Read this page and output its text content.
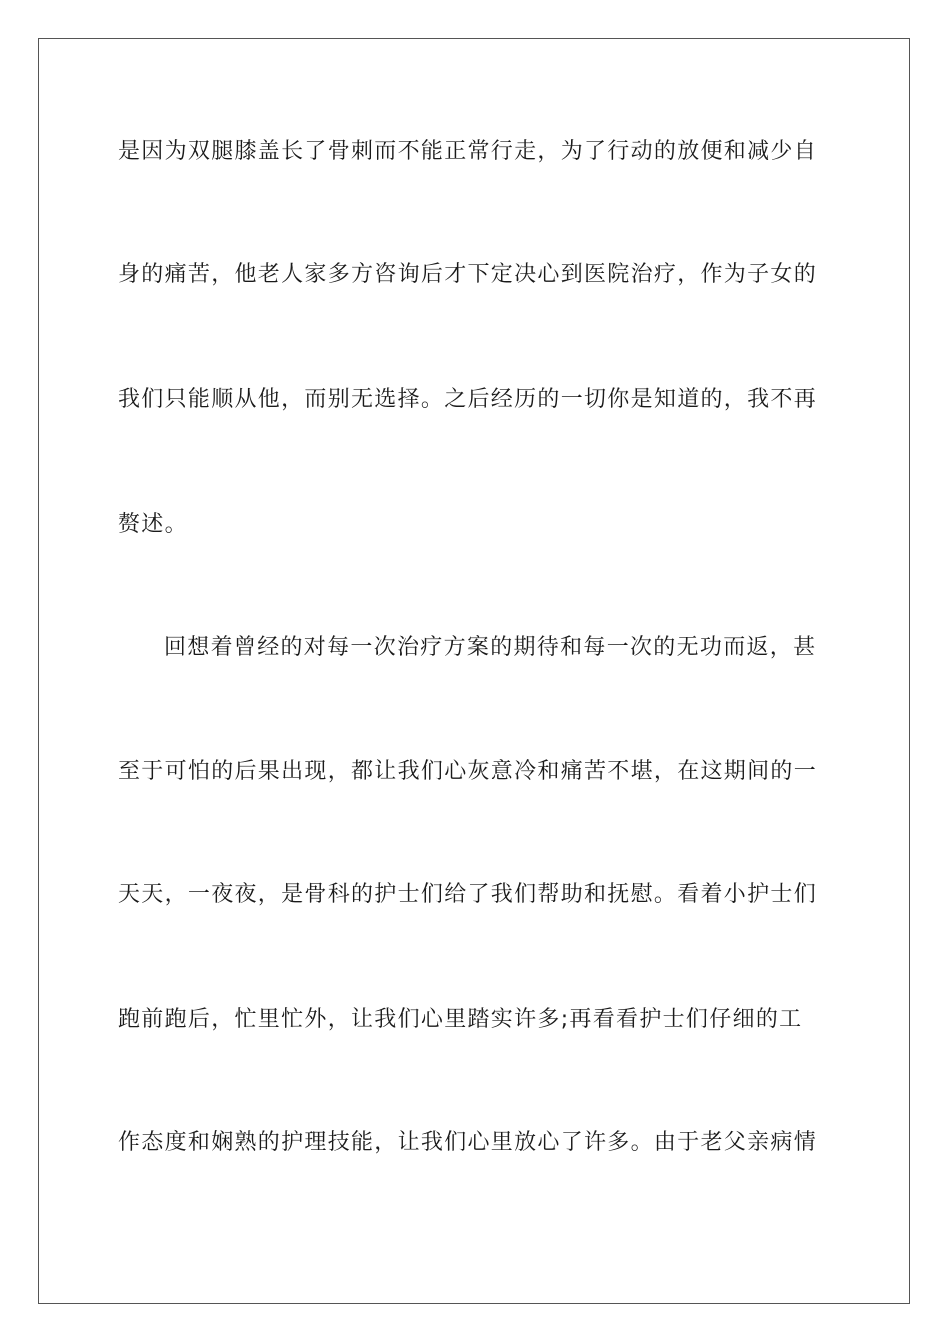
是因为双腿膝盖长了骨刺而不能正常行走，为了行动的放便和减少自
身的痛苦，他老人家多方咨询后才下定决心到医院治疗，作为子女的
我们只能顺从他，而别无选择。之后经历的一切你是知道的，我不再
赘述。
回想着曾经的对每一次治疗方案的期待和每一次的无功而返，甚
至于可怕的后果出现，都让我们心灰意冷和痛苦不堪，在这期间的一
天天，一夜夜，是骨科的护士们给了我们帮助和抚慰。看着小护士们
跑前跑后，忙里忙外，让我们心里踏实许多;再看看护士们仔细的工
作态度和娴熟的护理技能，让我们心里放心了许多。由于老父亲病情
